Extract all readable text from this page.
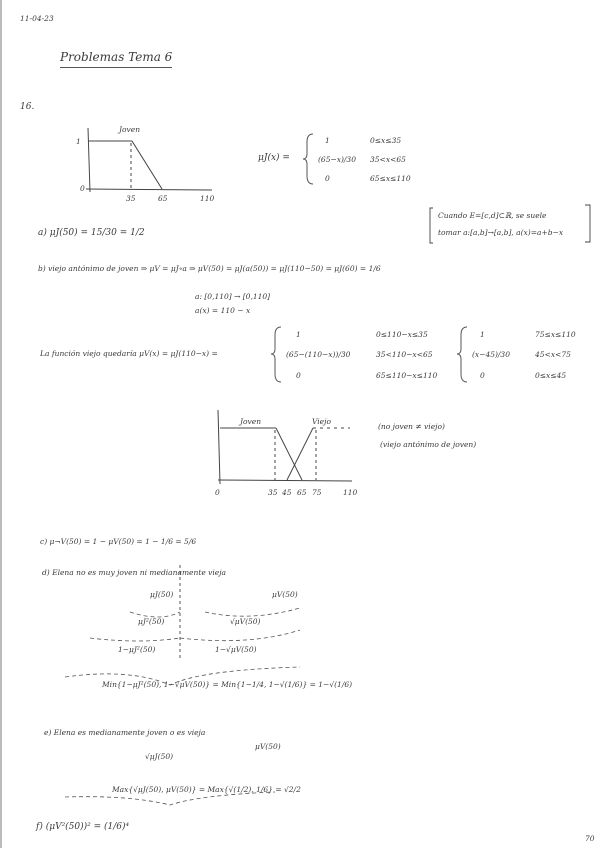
11-04-23
Problemas Tema 6
16.
Joven
1
0
35	65	110
μJ(x) =
1	0≤x≤35
(65−x)/30 35<x<65
0	65≤x≤110
Cuando E=[c,d]⊂ℝ, se suele
tomar a:[a,b]→[a,b], a(x)=a+b−x
a) μJ(50) = 15/30 = 1/2
b) viejo antónimo de joven ⇒ μV = μJ∘a ⇒ μV(50) = μJ(a(50)) = μJ(110−50) = μJ(60) = 1/6
a: [0,110] → [0,110]
a(x) = 110 − x
La función viejo quedaría μV(x) = μJ(110−x) =
1	0≤110−x≤35
(65−(110−x))/30	35<110−x<65
0	65≤110−x≤110
1	75≤x≤110
(x−45)/30	45<x<75
0	0≤x≤45
Joven	Viejo
0	35 45 65 75	110
(no joven ≠ viejo)
(viejo antónimo de joven)
c) μ¬V(50) = 1 − μV(50) = 1 − 1/6 = 5/6
d) Elena no es muy joven ni medianamente vieja
μJ(50)	μV(50)
μJ²(50)	√μV(50)
1−μJ²(50)	1−√μV(50)
Min{1−μJ²(50), 1−√μV(50)} = Min{1−1/4, 1−√(1/6)} = 1−√(1/6)
e) Elena es medianamente joven o es vieja
√μJ(50)
μV(50)
Max{√μJ(50), μV(50)} = Max{√(1/2), 1/6} = √2/2
f) (μV²(50))² = (1/6)⁴
70
